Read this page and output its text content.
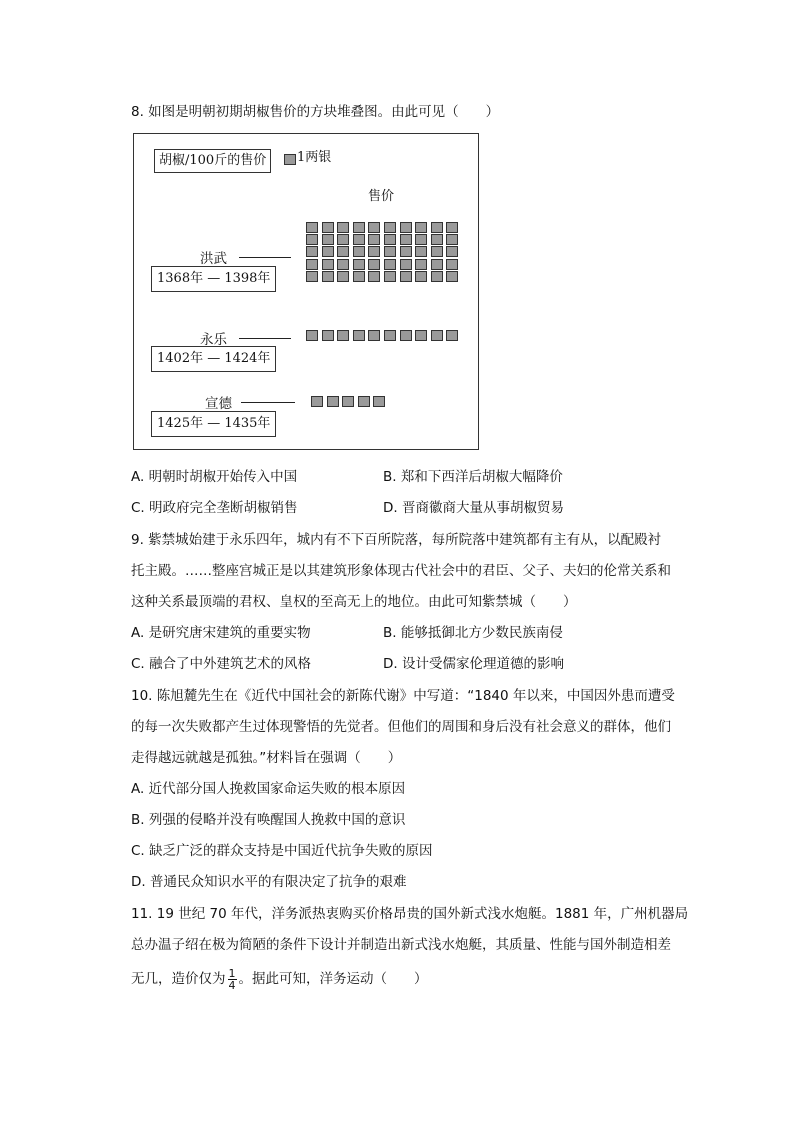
8. 如图是明朝初期胡椒售价的方块堆叠图。由此可见（　　）
胡椒/100斤的售价	1两银
售价
洪武
1368年 — 1398年
永乐
1402年 — 1424年
宣德
1425年 — 1435年
A. 明朝时胡椒开始传入中国	B. 郑和下西洋后胡椒大幅降价
C. 明政府完全垄断胡椒销售	D. 晋商徽商大量从事胡椒贸易
9. 紫禁城始建于永乐四年，城内有不下百所院落，每所院落中建筑都有主有从，以配殿衬
托主殿。……整座宫城正是以其建筑形象体现古代社会中的君臣、父子、夫妇的伦常关系和
这种关系最顶端的君权、皇权的至高无上的地位。由此可知紫禁城（　　）
A. 是研究唐宋建筑的重要实物	B. 能够抵御北方少数民族南侵
C. 融合了中外建筑艺术的风格	D. 设计受儒家伦理道德的影响
10. 陈旭麓先生在《近代中国社会的新陈代谢》中写道：“1840 年以来，中国因外患而遭受
的每一次失败都产生过体现警悟的先觉者。但他们的周围和身后没有社会意义的群体，他们
走得越远就越是孤独。”材料旨在强调（　　）
A. 近代部分国人挽救国家命运失败的根本原因
B. 列强的侵略并没有唤醒国人挽救中国的意识
C. 缺乏广泛的群众支持是中国近代抗争失败的原因
D. 普通民众知识水平的有限决定了抗争的艰难
11. 19 世纪 70 年代，洋务派热衷购买价格昂贵的国外新式浅水炮艇。1881 年，广州机器局
总办温子绍在极为简陋的条件下设计并制造出新式浅水炮艇，其质量、性能与国外制造相差
无几，造价仅为 $\frac{1}{4}$ 。据此可知，洋务运动（　　）
